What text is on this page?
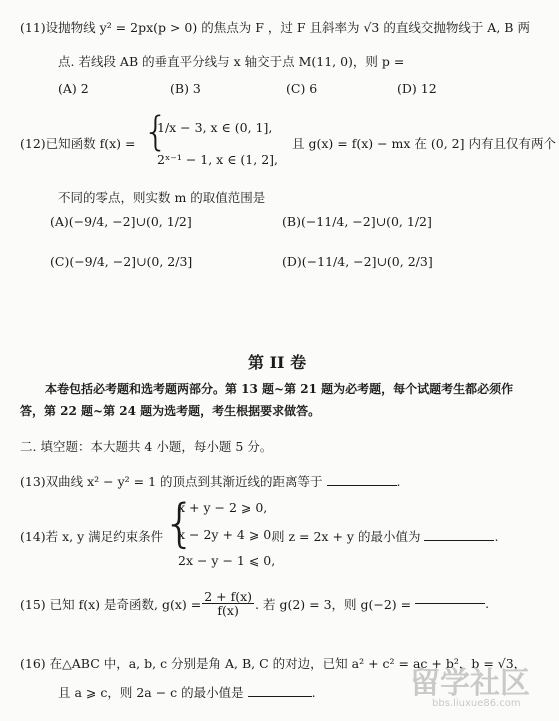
(11)设抛物线 y² = 2px(p > 0) 的焦点为 F ，过 F 且斜率为 √3 的直线交抛物线于 A, B 两
点. 若线段 AB 的垂直平分线与 x 轴交于点 M(11, 0)，则 p =
(A) 2	(B) 3	(C) 6	(D) 12
(12)已知函数 f(x) = {
1/x − 3, x ∈ (0, 1],
2ˣ⁻¹ − 1, x ∈ (1, 2],
且 g(x) = f(x) − mx 在 (0, 2] 内有且仅有两个
不同的零点，则实数 m 的取值范围是
(A)(−9/4, −2]∪(0, 1/2]	(B)(−11/4, −2]∪(0, 1/2]
(C)(−9/4, −2]∪(0, 2/3]	(D)(−11/4, −2]∪(0, 2/3]
第 II 卷
本卷包括必考题和选考题两部分。第 13 题~第 21 题为必考题，每个试题考生都必须作
答，第 22 题~第 24 题为选考题，考生根据要求做答。
二. 填空题：本大题共 4 小题，每小题 5 分。
(13)双曲线 x² − y² = 1 的顶点到其渐近线的距离等于	.
(14)若 x, y 满足约束条件 {
x + y − 2 ⩾ 0,
x − 2y + 4 ⩾ 0,
2x − y − 1 ⩽ 0,
则 z = 2x + y 的最小值为	.
(15) 已知 f(x) 是奇函数, $g(x) = \frac{2 + f(x)}{f(x)}$ . 若 g(2) = 3，则 g(−2) =	.
(16) 在△ABC 中，a, b, c 分别是角 A, B, C 的对边，已知 a² + c² = ac + b²，b = √3，
且 a ⩾ c，则 2a − c 的最小值是	.	留学社区
bbs.liuxue86.com
